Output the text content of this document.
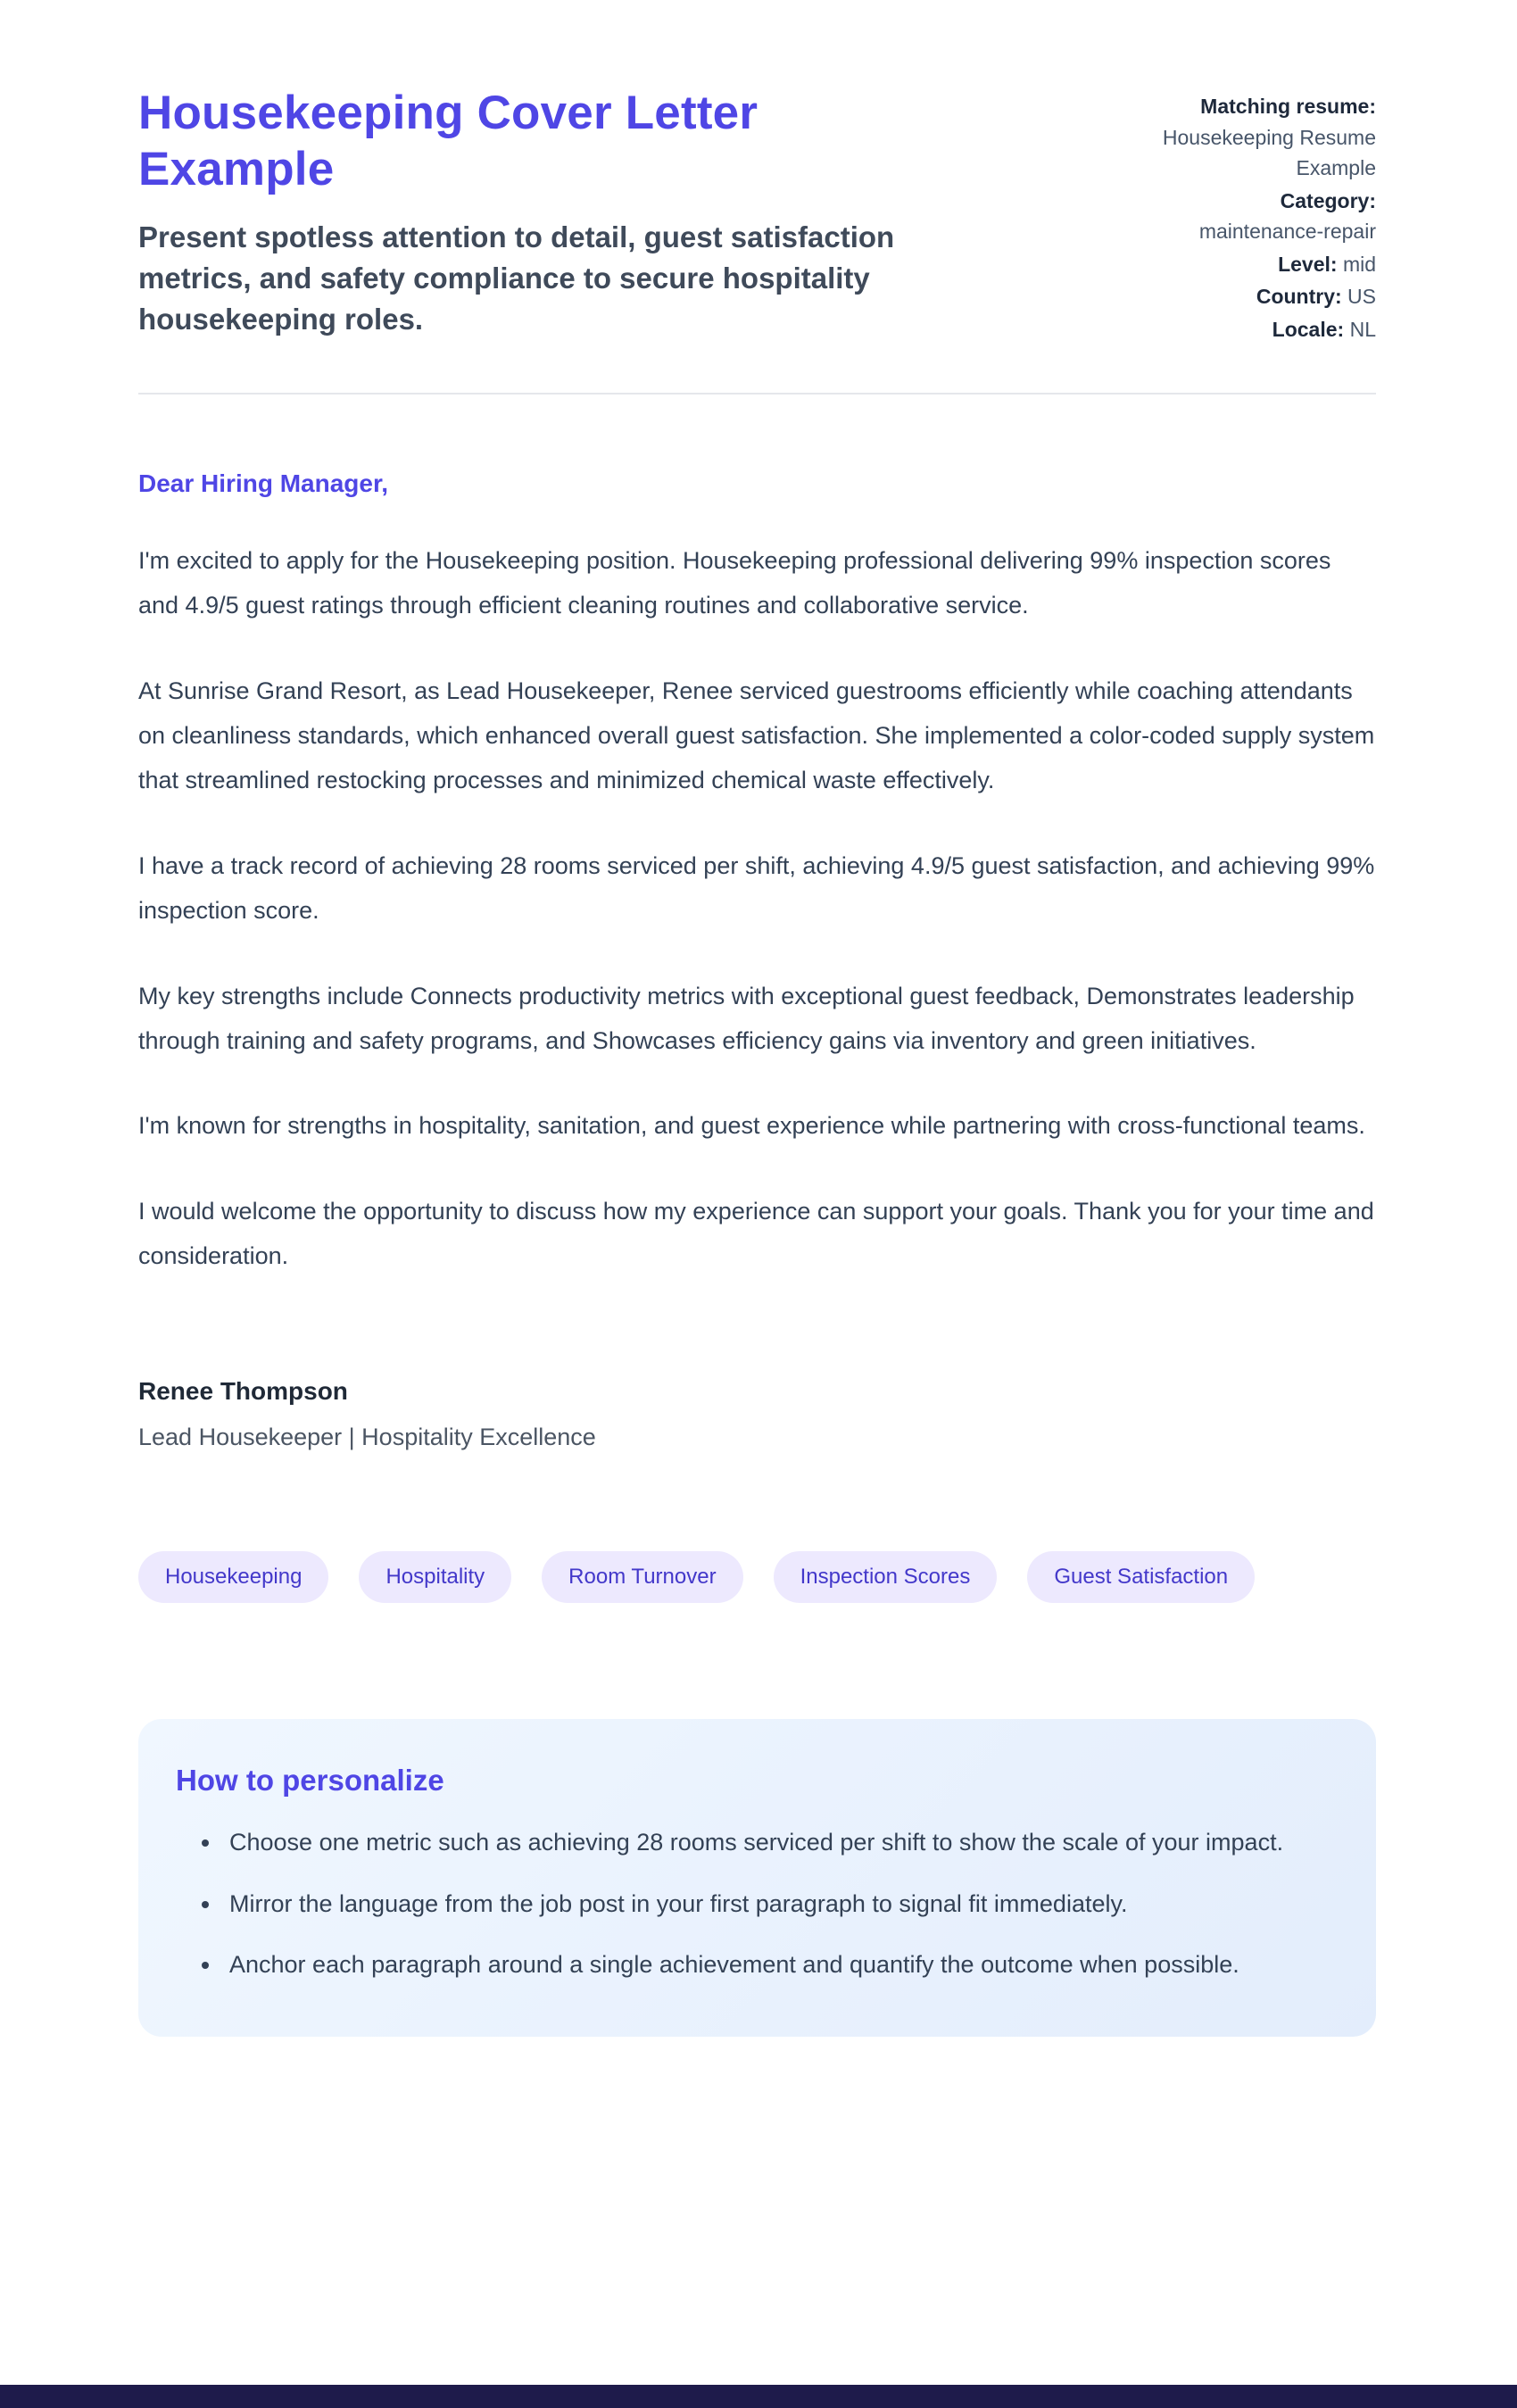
Housekeeping Cover Letter Example

Present spotless attention to detail, guest satisfaction metrics, and safety compliance to secure hospitality housekeeping roles.

Matching resume: Housekeeping Resume Example
Category: maintenance-repair
Level: mid
Country: US
Locale: NL

Dear Hiring Manager,

I'm excited to apply for the Housekeeping position. Housekeeping professional delivering 99% inspection scores and 4.9/5 guest ratings through efficient cleaning routines and collaborative service.

At Sunrise Grand Resort, as Lead Housekeeper, Renee serviced guestrooms efficiently while coaching attendants on cleanliness standards, which enhanced overall guest satisfaction. She implemented a color-coded supply system that streamlined restocking processes and minimized chemical waste effectively.

I have a track record of achieving 28 rooms serviced per shift, achieving 4.9/5 guest satisfaction, and achieving 99% inspection score.

My key strengths include Connects productivity metrics with exceptional guest feedback, Demonstrates leadership through training and safety programs, and Showcases efficiency gains via inventory and green initiatives.

I'm known for strengths in hospitality, sanitation, and guest experience while partnering with cross-functional teams.

I would welcome the opportunity to discuss how my experience can support your goals. Thank you for your time and consideration.

Renee Thompson

Lead Housekeeper | Hospitality Excellence

Housekeeping	Hospitality	Room Turnover	Inspection Scores	Guest Satisfaction
How to personalize
• Choose one metric such as achieving 28 rooms serviced per shift to show the scale of your impact.
• Mirror the language from the job post in your first paragraph to signal fit immediately.
• Anchor each paragraph around a single achievement and quantify the outcome when possible.
